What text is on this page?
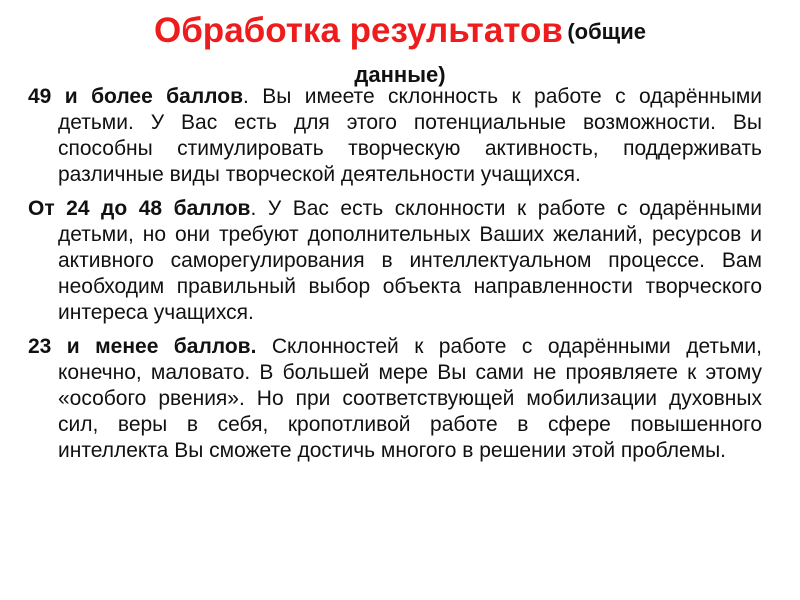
Обработка результатов (общие
данные)

49 и более баллов. Вы имеете склонность к работе с одарёнными детьми. У Вас есть для этого потенциальные возможности. Вы способны стимулировать творческую активность, поддерживать различные виды творческой деятельности учащихся.

От 24 до 48 баллов. У Вас есть склонности к работе с одарёнными детьми, но они требуют дополнительных Ваших желаний, ресурсов и активного саморегулирования в интеллектуальном процессе. Вам необходим правильный выбор объекта направленности творческого интереса учащихся.

23 и менее баллов. Склонностей к работе с одарёнными детьми, конечно, маловато. В большей мере Вы сами не проявляете к этому «особого рвения». Но при соответствующей мобилизации духовных сил, веры в себя, кропотливой работе в сфере повышенного интеллекта Вы сможете достичь многого в решении этой проблемы.
